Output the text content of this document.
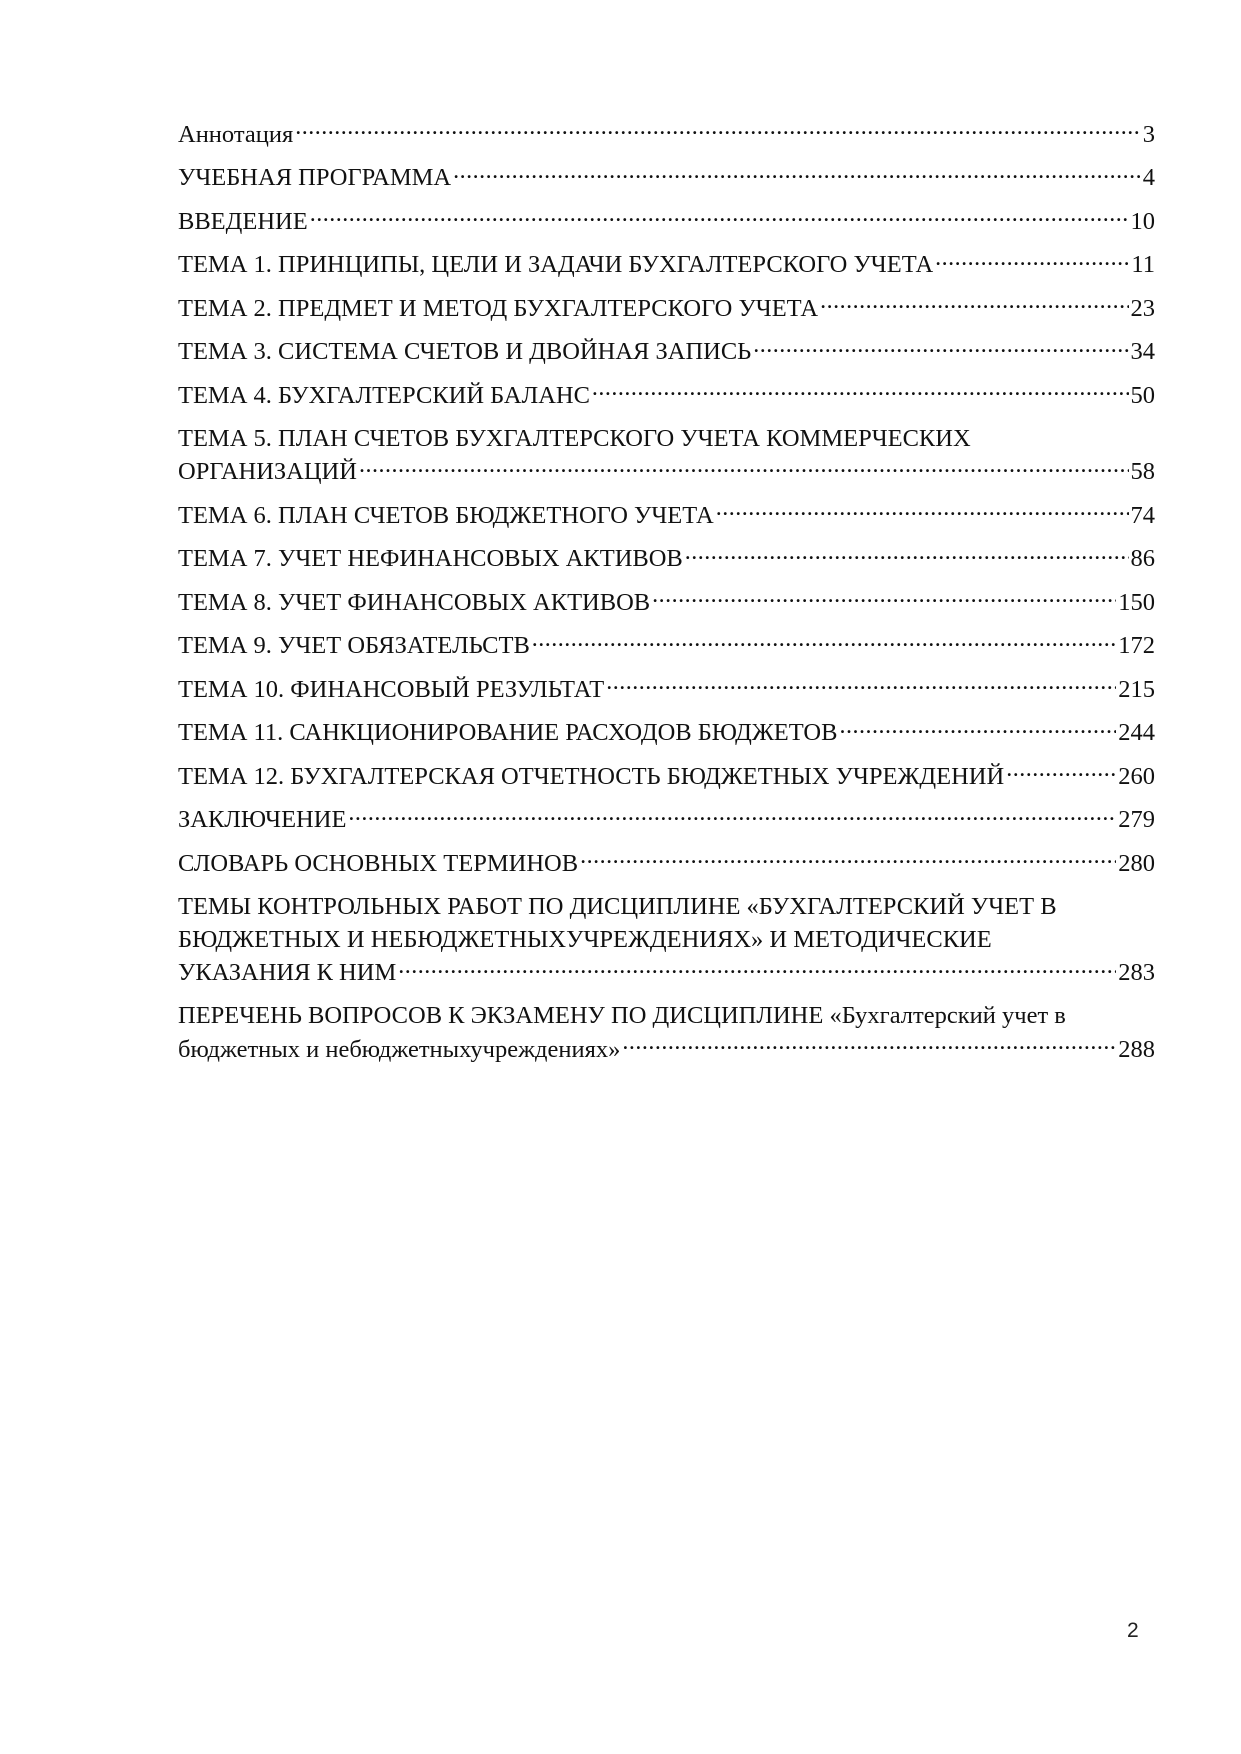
Аннотация .....	3
УЧЕБНАЯ ПРОГРАММА .....	4
ВВЕДЕНИЕ .....	10
ТЕМА 1. ПРИНЦИПЫ, ЦЕЛИ И ЗАДАЧИ БУХГАЛТЕРСКОГО УЧЕТА .....	11
ТЕМА 2. ПРЕДМЕТ И МЕТОД БУХГАЛТЕРСКОГО УЧЕТА .....	23
ТЕМА 3. СИСТЕМА СЧЕТОВ И ДВОЙНАЯ ЗАПИСЬ .....	34
ТЕМА 4. БУХГАЛТЕРСКИЙ БАЛАНС .....	50
ТЕМА 5. ПЛАН СЧЕТОВ БУХГАЛТЕРСКОГО УЧЕТА КОММЕРЧЕСКИХ
ОРГАНИЗАЦИЙ .....	58
ТЕМА 6. ПЛАН СЧЕТОВ БЮДЖЕТНОГО УЧЕТА .....	74
ТЕМА 7. УЧЕТ НЕФИНАНСОВЫХ АКТИВОВ .....	86
ТЕМА 8. УЧЕТ ФИНАНСОВЫХ АКТИВОВ .....	150
ТЕМА 9. УЧЕТ ОБЯЗАТЕЛЬСТВ .....	172
ТЕМА 10. ФИНАНСОВЫЙ РЕЗУЛЬТАТ .....	215
ТЕМА 11. САНКЦИОНИРОВАНИЕ РАСХОДОВ БЮДЖЕТОВ .....	244
ТЕМА 12. БУХГАЛТЕРСКАЯ ОТЧЕТНОСТЬ БЮДЖЕТНЫХ УЧРЕЖДЕНИЙ .....	260
ЗАКЛЮЧЕНИЕ .....	279
СЛОВАРЬ ОСНОВНЫХ ТЕРМИНОВ .....	280
ТЕМЫ КОНТРОЛЬНЫХ РАБОТ ПО ДИСЦИПЛИНЕ «БУХГАЛТЕРСКИЙ УЧЕТ В
БЮДЖЕТНЫХ И НЕБЮДЖЕТНЫХУЧРЕЖДЕНИЯХ» И МЕТОДИЧЕСКИЕ
УКАЗАНИЯ К НИМ .....	283
ПЕРЕЧЕНЬ ВОПРОСОВ К ЭКЗАМЕНУ ПО ДИСЦИПЛИНЕ «Бухгалтерский учет в
бюджетных и небюджетныхучреждениях» .....	288
2
